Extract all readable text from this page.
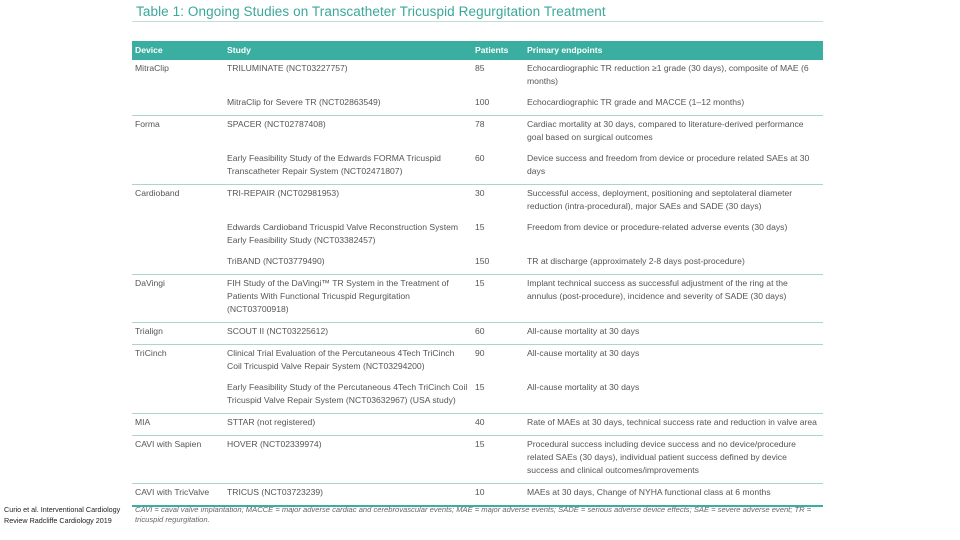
Table 1: Ongoing Studies on Transcatheter Tricuspid Regurgitation Treatment
Device	Study	Patients	Primary endpoints
MitraClip	TRILUMINATE (NCT03227757)	85	Echocardiographic TR reduction ≥1 grade (30 days), composite of MAE (6 months)
	MitraClip for Severe TR (NCT02863549)	100	Echocardiographic TR grade and MACCE (1–12 months)
Forma	SPACER (NCT02787408)	78	Cardiac mortality at 30 days, compared to literature-derived performance goal based on surgical outcomes
	Early Feasibility Study of the Edwards FORMA Tricuspid Transcatheter Repair System (NCT02471807)	60	Device success and freedom from device or procedure related SAEs at 30 days
Cardioband	TRI-REPAIR (NCT02981953)	30	Successful access, deployment, positioning and septolateral diameter reduction (intra-procedural), major SAEs and SADE (30 days)
	Edwards Cardioband Tricuspid Valve Reconstruction System Early Feasibility Study (NCT03382457)	15	Freedom from device or procedure-related adverse events (30 days)
	TriBAND (NCT03779490)	150	TR at discharge (approximately 2-8 days post-procedure)
DaVingi	FIH Study of the DaVingi™ TR System in the Treatment of Patients With Functional Tricuspid Regurgitation (NCT03700918)	15	Implant technical success as successful adjustment of the ring at the annulus (post-procedure), incidence and severity of SADE (30 days)
Trialign	SCOUT II (NCT03225612)	60	All-cause mortality at 30 days
TriCinch	Clinical Trial Evaluation of the Percutaneous 4Tech TriCinch Coil Tricuspid Valve Repair System (NCT03294200)	90	All-cause mortality at 30 days
	Early Feasibility Study of the Percutaneous 4Tech TriCinch Coil Tricuspid Valve Repair System (NCT03632967) (USA study)	15	All-cause mortality at 30 days
MIA	STTAR (not registered)	40	Rate of MAEs at 30 days, technical success rate and reduction in valve area
CAVI with Sapien	HOVER (NCT02339974)	15	Procedural success including device success and no device/procedure related SAEs (30 days), individual patient success defined by device success and clinical outcomes/improvements
CAVI with TricValve	TRICUS (NCT03723239)	10	MAEs at 30 days, Change of NYHA functional class at 6 months
CAVI = caval valve implantation; MACCE = major adverse cardiac and cerebrovascular events; MAE = major adverse events; SADE = serious adverse device effects; SAE = severe adverse event; TR = tricuspid regurgitation.
Curio et al. Interventional Cardiology Review Radcliffe Cardiology 2019
